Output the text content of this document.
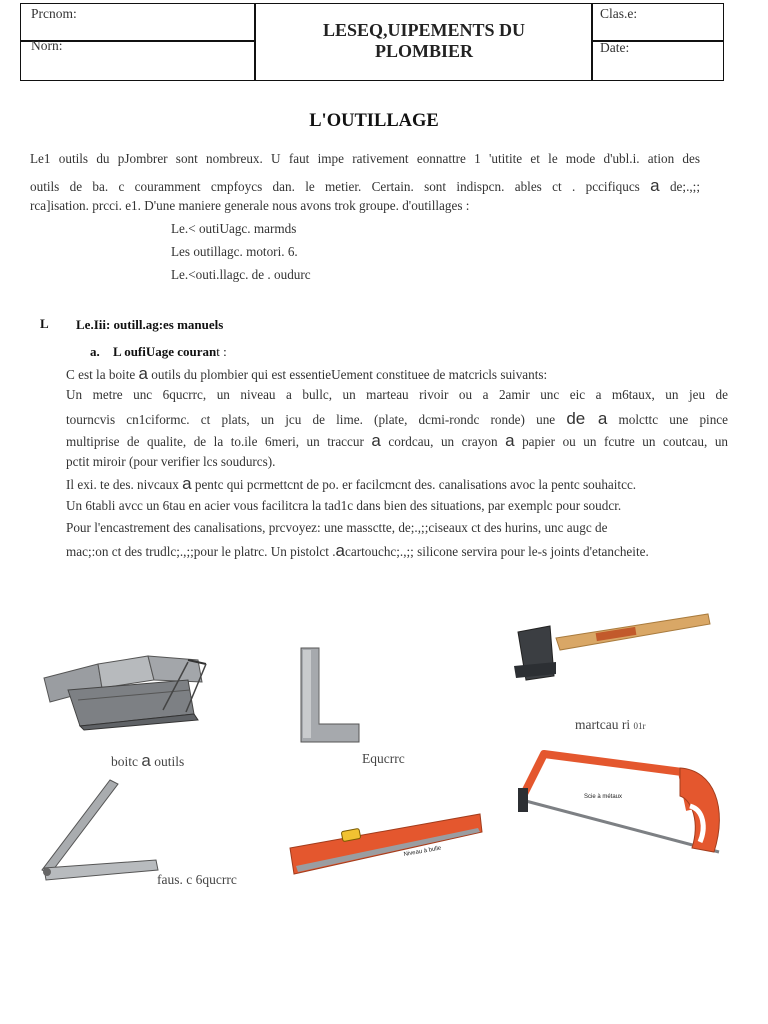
Prcnom:
Norn:
Clas.e:
Date:
LESEQ,UIPEMENTS DU
PLOMBIER
L'OUTILLAGE
Le1 outils du pJombrer sont nombreux. U faut impe rativement eonnattre 1 'utitite et le mode d'ubl.i. ation des
outils de ba. c couramment cmpfoycs dan. le metier. Certain. sont indispcn. ables ct . pccifiqucs a de;.,;;
rca]isation. prcci. e1. D'une maniere generale nous avons trok groupe. d'outillages :
Le.< outiUagc. marmds
Les outillagc. motori. 6.
Le.<outi.llagc. de . oudurc
L Le.Iii: outill.ag:es manuels
a. L oufiUage courant :
C est la boite a outils du plombier qui est essentieUement constituee de matcricls suivants:
Un metre unc 6qucrrc, un niveau a bullc, un marteau rivoir ou a 2amir unc eic a m6taux, un jeu de
tourncvis cn1ciformc. ct plats, un jcu de lime. (plate, dcmi-rondc ronde) une de a molcttc une pince
multiprise de qualite, de la to.ile 6meri, un traccur a cordcau, un crayon a papier ou un fcutre un coutcau, un
pctit miroir (pour verifier lcs soudurcs).
Il exi. te des. nivcaux a pentc qui pcrmettcnt de po. er facilcmcnt des. canalisations avoc la pentc souhaitcc.
Un 6tabli avcc un 6tau en acier vous facilitcra la tad1c dans bien des situations, par exemplc pour soudcr.
Pour l'encastrement des canalisations, prcvoyez: une massctte, de;.,;;ciseaux ct des hurins, unc augc de
mac;:on ct des trudlc;.,;;pour le platrc. Un pistolct .acartouchc;.,;; silicone servira pour le-s joints d'etancheite.
boitc a outils	Equcrrc
martcau ri 01r
faus. c 6qucrrc
Niveau à bulle
Scie à métaux
